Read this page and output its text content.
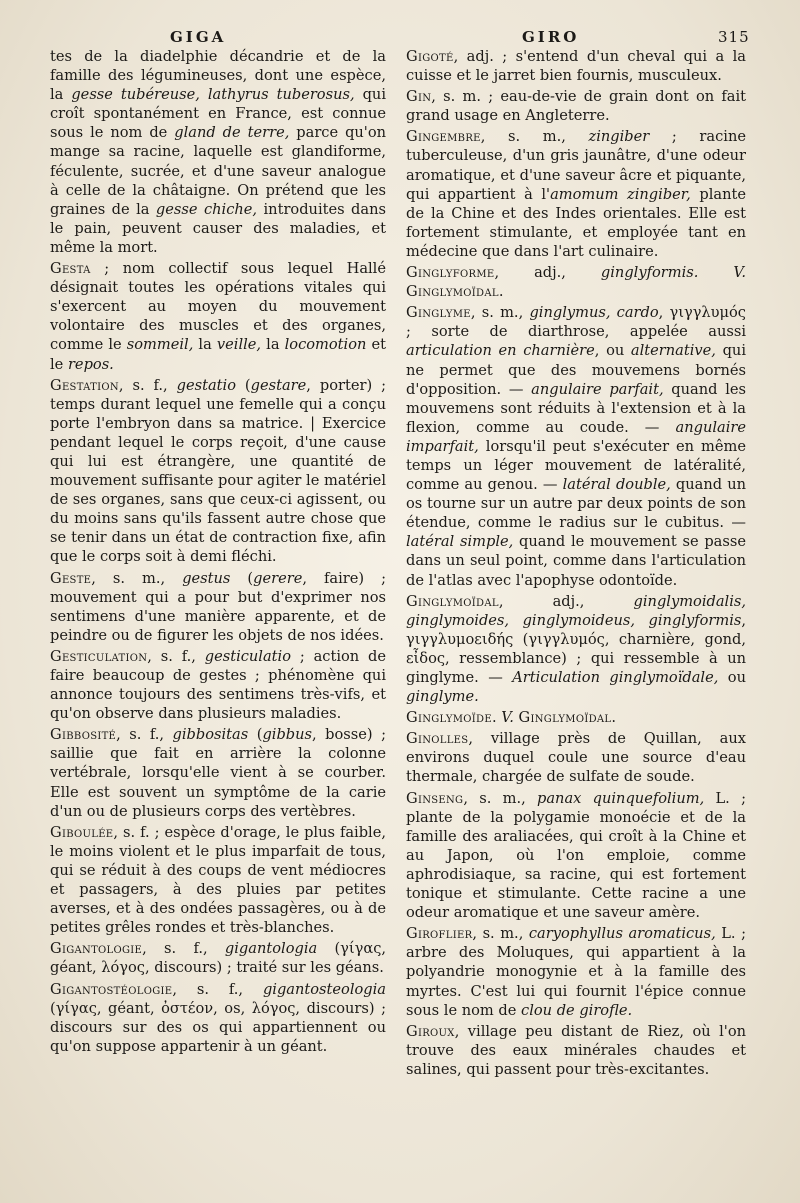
GIGA	GIRO	315

tes de la diadelphie décandrie et de la famille des légumineuses, dont une espèce, la gesse tubéreuse, lathyrus tuberosus, qui croît spontanément en France, est connue sous le nom de gland de terre, parce qu'on mange sa racine, laquelle est glandiforme, féculente, sucrée, et d'une saveur analogue à celle de la châtaigne. On prétend que les graines de la gesse chiche, introduites dans le pain, peuvent causer des maladies, et même la mort.

Gesta ; nom collectif sous lequel Hallé désignait toutes les opérations vitales qui s'exercent au moyen du mouvement volontaire des muscles et des organes, comme le sommeil, la veille, la locomotion et le repos.

Gestation, s. f., gestatio (gestare, porter) ; temps durant lequel une femelle qui a conçu porte l'embryon dans sa matrice. | Exercice pendant lequel le corps reçoit, d'une cause qui lui est étrangère, une quantité de mouvement suffisante pour agiter le matériel de ses organes, sans que ceux-ci agissent, ou du moins sans qu'ils fassent autre chose que se tenir dans un état de contraction fixe, afin que le corps soit à demi fléchi.

Geste, s. m., gestus (gerere, faire) ; mouvement qui a pour but d'exprimer nos sentimens d'une manière apparente, et de peindre ou de figurer les objets de nos idées.

Gesticulation, s. f., gesticulatio ; action de faire beaucoup de gestes ; phénomène qui annonce toujours des sentimens très-vifs, et qu'on observe dans plusieurs maladies.

Gibbosité, s. f., gibbositas (gibbus, bosse) ; saillie que fait en arrière la colonne vertébrale, lorsqu'elle vient à se courber. Elle est souvent un symptôme de la carie d'un ou de plusieurs corps des vertèbres.

Giboulée, s. f. ; espèce d'orage, le plus faible, le moins violent et le plus imparfait de tous, qui se réduit à des coups de vent médiocres et passagers, à des pluies par petites averses, et à des ondées passagères, ou à de petites grêles rondes et très-blanches.

Gigantologie, s. f., gigantologia (γίγας, géant, λόγος, discours) ; traité sur les géans.

Gigantostéologie, s. f., gigantosteologia (γίγας, géant, ὀστέον, os, λόγος, discours) ; discours sur des os qui appartiennent ou qu'on suppose appartenir à un géant.

Gigoté, adj. ; s'entend d'un cheval qui a la cuisse et le jarret bien fournis, musculeux.

Gin, s. m. ; eau-de-vie de grain dont on fait grand usage en Angleterre.

Gingembre, s. m., zingiber ; racine tuberculeuse, d'un gris jaunâtre, d'une odeur aromatique, et d'une saveur âcre et piquante, qui appartient à l'amomum zingiber, plante de la Chine et des Indes orientales. Elle est fortement stimulante, et employée tant en médecine que dans l'art culinaire.

Ginglyforme, adj., ginglyformis. V. Ginglymoïdal.

Ginglyme, s. m., ginglymus, cardo, γιγγλυμός ; sorte de diarthrose, appelée aussi articulation en charnière, ou alternative, qui ne permet que des mouvemens bornés d'opposition. — angulaire parfait, quand les mouvemens sont réduits à l'extension et à la flexion, comme au coude. — angulaire imparfait, lorsqu'il peut s'exécuter en même temps un léger mouvement de latéralité, comme au genou. — latéral double, quand un os tourne sur un autre par deux points de son étendue, comme le radius sur le cubitus. — latéral simple, quand le mouvement se passe dans un seul point, comme dans l'articulation de l'atlas avec l'apophyse odontoïde.

Ginglymoïdal, adj., ginglymoidalis, ginglymoides, ginglymoideus, ginglyformis, γιγγλυμοειδής (γιγγλυμός, charnière, gond, εἶδος, ressemblance) ; qui ressemble à un ginglyme. — Articulation ginglymoïdale, ou ginglyme.

Ginglymoïde. V. Ginglymoïdal.

Ginolles, village près de Quillan, aux environs duquel coule une source d'eau thermale, chargée de sulfate de soude.

Ginseng, s. m., panax quinquefolium, L. ; plante de la polygamie monoécie et de la famille des araliacées, qui croît à la Chine et au Japon, où l'on emploie, comme aphrodisiaque, sa racine, qui est fortement tonique et stimulante. Cette racine a une odeur aromatique et une saveur amère.

Giroflier, s. m., caryophyllus aromaticus, L. ; arbre des Moluques, qui appartient à la polyandrie monogynie et à la famille des myrtes. C'est lui qui fournit l'épice connue sous le nom de clou de girofle.

Giroux, village peu distant de Riez, où l'on trouve des eaux minérales chaudes et salines, qui passent pour très-excitantes.
